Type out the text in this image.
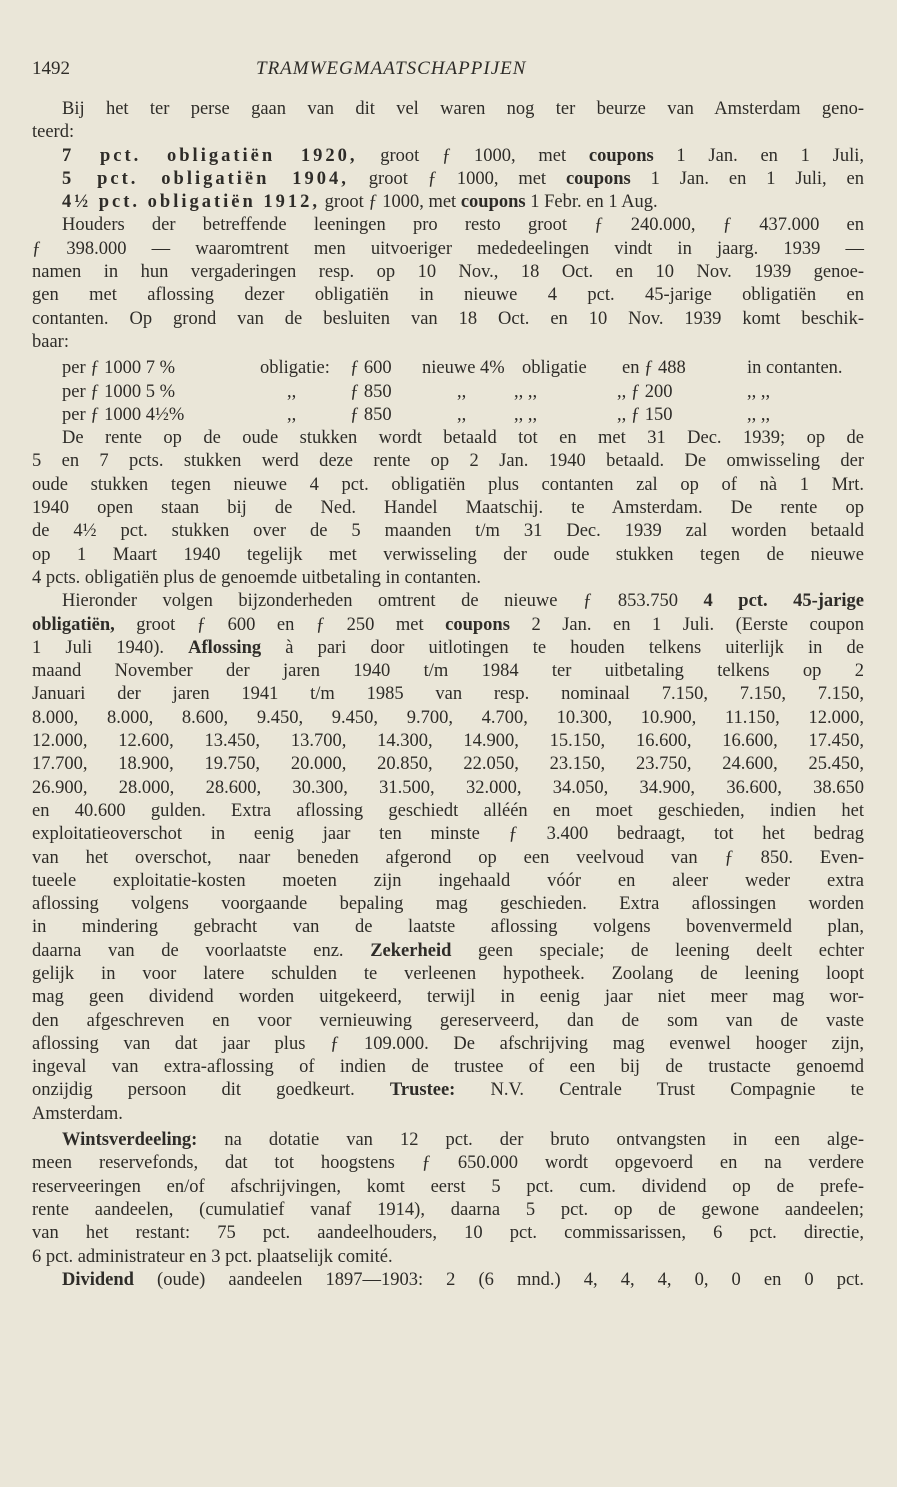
1492	TRAMWEGMAATSCHAPPIJEN
Bij het ter perse gaan van dit vel waren nog ter beurze van Amsterdam geno-
teerd:
7 pct. obligatiën 1920, groot ƒ 1000, met coupons 1 Jan. en 1 Juli,
5 pct. obligatiën 1904, groot ƒ 1000, met coupons 1 Jan. en 1 Juli, en
4½ pct. obligatiën 1912, groot ƒ 1000, met coupons 1 Febr. en 1 Aug.
Houders der betreffende leeningen pro resto groot ƒ 240.000, ƒ 437.000 en
ƒ 398.000 — waaromtrent men uitvoeriger mededeelingen vindt in jaarg. 1939 —
namen in hun vergaderingen resp. op 10 Nov., 18 Oct. en 10 Nov. 1939 genoe-
gen met aflossing dezer obligatiën in nieuwe 4 pct. 45-jarige obligatiën en
contanten. Op grond van de besluiten van 18 Oct. en 10 Nov. 1939 komt beschik-
baar:
per ƒ 1000 7 %	obligatie: ƒ 600 nieuwe 4% obligatie en ƒ 488	in contanten.
per ƒ 1000 5 %	,,	ƒ 850	,,	,, ,,	,, ƒ 200	,, ,,
per ƒ 1000 4½%	,,	ƒ 850	,,	,, ,,	,, ƒ 150	,, ,,
De rente op de oude stukken wordt betaald tot en met 31 Dec. 1939; op de
5 en 7 pcts. stukken werd deze rente op 2 Jan. 1940 betaald. De omwisseling der
oude stukken tegen nieuwe 4 pct. obligatiën plus contanten zal op of nà 1 Mrt.
1940 open staan bij de Ned. Handel Maatschij. te Amsterdam. De rente op
de 4½ pct. stukken over de 5 maanden t/m 31 Dec. 1939 zal worden betaald
op 1 Maart 1940 tegelijk met verwisseling der oude stukken tegen de nieuwe
4 pcts. obligatiën plus de genoemde uitbetaling in contanten.
Hieronder volgen bijzonderheden omtrent de nieuwe ƒ 853.750 4 pct. 45-jarige
obligatiën, groot ƒ 600 en ƒ 250 met coupons 2 Jan. en 1 Juli. (Eerste coupon
1 Juli 1940). Aflossing à pari door uitlotingen te houden telkens uiterlijk in de
maand November der jaren 1940 t/m 1984 ter uitbetaling telkens op 2
Januari der jaren 1941 t/m 1985 van resp. nominaal 7.150, 7.150, 7.150,
8.000, 8.000, 8.600, 9.450, 9.450, 9.700, 4.700, 10.300, 10.900, 11.150, 12.000,
12.000, 12.600, 13.450, 13.700, 14.300, 14.900, 15.150, 16.600, 16.600, 17.450,
17.700, 18.900, 19.750, 20.000, 20.850, 22.050, 23.150, 23.750, 24.600, 25.450,
26.900, 28.000, 28.600, 30.300, 31.500, 32.000, 34.050, 34.900, 36.600, 38.650
en 40.600 gulden. Extra aflossing geschiedt alléén en moet geschieden, indien het
exploitatieoverschot in eenig jaar ten minste ƒ 3.400 bedraagt, tot het bedrag
van het overschot, naar beneden afgerond op een veelvoud van ƒ 850. Even-
tueele exploitatie-kosten moeten zijn ingehaald vóór en aleer weder extra
aflossing volgens voorgaande bepaling mag geschieden. Extra aflossingen worden
in mindering gebracht van de laatste aflossing volgens bovenvermeld plan,
daarna van de voorlaatste enz. Zekerheid geen speciale; de leening deelt echter
gelijk in voor latere schulden te verleenen hypotheek. Zoolang de leening loopt
mag geen dividend worden uitgekeerd, terwijl in eenig jaar niet meer mag wor-
den afgeschreven en voor vernieuwing gereserveerd, dan de som van de vaste
aflossing van dat jaar plus ƒ 109.000. De afschrijving mag evenwel hooger zijn,
ingeval van extra-aflossing of indien de trustee of een bij de trustacte genoemd
onzijdig persoon dit goedkeurt. Trustee: N.V. Centrale Trust Compagnie te
Amsterdam.
Wintsverdeeling: na dotatie van 12 pct. der bruto ontvangsten in een alge-
meen reservefonds, dat tot hoogstens ƒ 650.000 wordt opgevoerd en na verdere
reserveeringen en/of afschrijvingen, komt eerst 5 pct. cum. dividend op de prefe-
rente aandeelen, (cumulatief vanaf 1914), daarna 5 pct. op de gewone aandeelen;
van het restant: 75 pct. aandeelhouders, 10 pct. commissarissen, 6 pct. directie,
6 pct. administrateur en 3 pct. plaatselijk comité.
Dividend (oude) aandeelen 1897—1903: 2 (6 mnd.) 4, 4, 4, 0, 0 en 0 pct.
